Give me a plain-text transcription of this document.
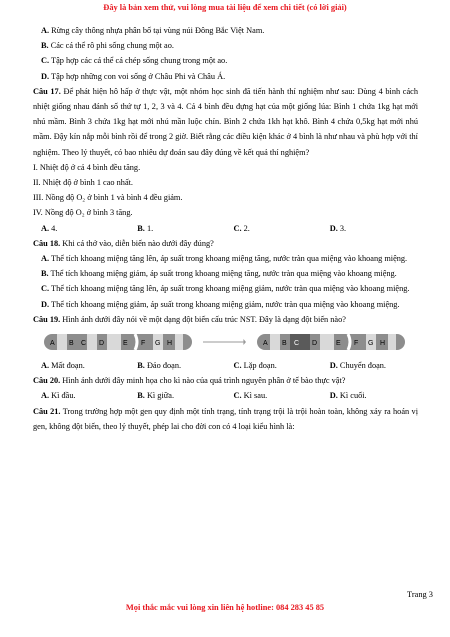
Đây là bản xem thử, vui lòng mua tài liệu để xem chi tiết (có lời giải)
A. Rừng cây thông nhựa phân bố tại vùng núi Đông Bắc Việt Nam.
B. Các cá thể rô phi sống chung một ao.
C. Tập hợp các cá thể cá chép sống chung trong một ao.
D. Tập hợp những con voi sống ở Châu Phi và Châu Á.
Câu 17. Để phát hiện hô hấp ở thực vật, một nhóm học sinh đã tiến hành thí nghiệm như sau: Dùng 4 bình cách nhiệt giống nhau đánh số thứ tự 1, 2, 3 và 4. Cả 4 bình đều đựng hạt của một giống lúa: Bình 1 chứa 1kg hạt mới nhú mầm. Bình 3 chứa 1kg hạt mới nhú mần luộc chín. Bình 2 chứa 1kh hạt khô. Bình 4 chứa 0,5kg hạt mới nhú mầm. Đậy kín nắp mỗi bình rồi để trong 2 giờ. Biết rằng các điều kiện khác ở 4 bình là như nhau và phù hợp với thí nghiệm. Theo lý thuyết, có bao nhiêu dự đoán sau đây đúng về kết quả thí nghiệm?
I. Nhiệt độ ở cả 4 bình đều tăng.
II. Nhiệt độ ở bình 1 cao nhất.
III. Nồng độ O₂ ở bình 1 và bình 4 đều giảm.
IV. Nồng độ O₂ ở bình 3 tăng.
A. 4.	B. 1.	C. 2.	D. 3.
Câu 18. Khi cá thở vào, diễn biến nào dưới đây đúng?
A. Thể tích khoang miệng tăng lên, áp suất trong khoang miệng tăng, nước tràn qua miệng vào khoang miệng.
B. Thể tích khoang miệng giảm, áp suất trong khoang miệng tăng, nước tràn qua miệng vào khoang miệng.
C. Thể tích khoang miệng tăng lên, áp suất trong khoang miệng giảm, nước tràn qua miệng vào khoang miệng.
D. Thể tích khoang miệng giảm, áp suất trong khoang miệng giảm, nước tràn qua miệng vào khoang miệng.
Câu 19. Hình ảnh dưới đây nói về một dạng đột biến cấu trúc NST. Đây là dạng đột biến nào?
A B C D	E F G H	A B C D	E F G H
A. Mất đoạn.	B. Đảo đoạn.	C. Lặp đoạn.	D. Chuyển đoạn.
Câu 20. Hình ảnh dưới đây minh họa cho kì nào của quá trình nguyên phân ở tế bào thực vật?
A. Kì đầu.	B. Kì giữa.	C. Kì sau.	D. Kì cuối.
Câu 21. Trong trường hợp một gen quy định một tính trạng, tính trạng trội là trội hoàn toàn, không xảy ra hoán vị gen, không đột biến, theo lý thuyết, phép lai cho đời con có 4 loại kiểu hình là:
Trang 3
Mọi thắc mắc vui lòng xin liên hệ hotline: 084 283 45 85
